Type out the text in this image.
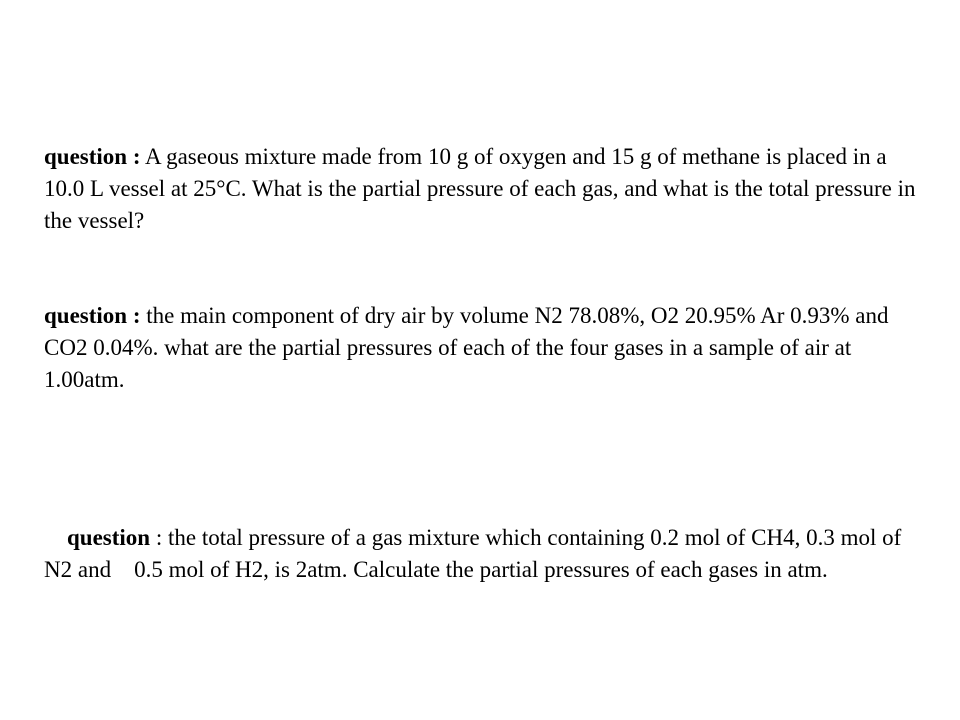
question : A gaseous mixture made from 10 g of oxygen and 15 g of methane is placed in a 10.0 L vessel at 25°C. What is the partial pressure of each gas, and what is the total pressure in the vessel?

question : the main component of dry air by volume N2 78.08%, O2 20.95% Ar 0.93% and CO2 0.04%. what are the partial pressures of each of the four gases in a sample of air at 1.00atm.

question : the total pressure of a gas mixture which containing 0.2 mol of CH4, 0.3 mol of N2 and    0.5 mol of H2, is 2atm. Calculate the partial pressures of each gases in atm.
